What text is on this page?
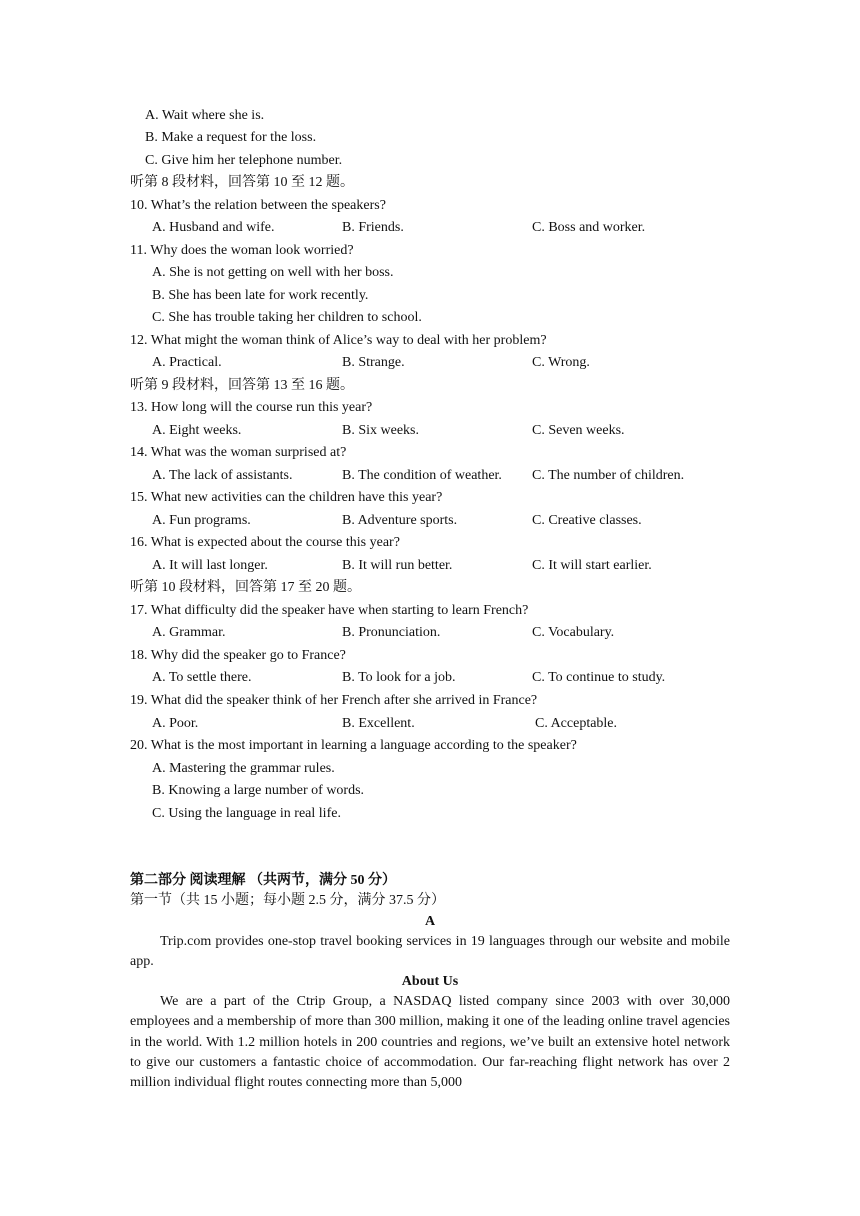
A. Wait where she is.
B. Make a request for the loss.
C. Give him her telephone number.
听第 8 段材料，回答第 10 至 12 题。
10. What’s the relation between the speakers?
A. Husband and wife.	B. Friends.	C. Boss and worker.
11. Why does the woman look worried?
A. She is not getting on well with her boss.
B. She has been late for work recently.
C. She has trouble taking her children to school.
12. What might the woman think of Alice’s way to deal with her problem?
A. Practical.	B. Strange.	C. Wrong.
听第 9 段材料，回答第 13 至 16 题。
13. How long will the course run this year?
A. Eight weeks.	B. Six weeks.	C. Seven weeks.
14. What was the woman surprised at?
A. The lack of assistants.	B. The condition of weather. C. The number of children.
15. What new activities can the children have this year?
A. Fun programs.	B. Adventure sports.	C. Creative classes.
16. What is expected about the course this year?
A. It will last longer.	B. It will run better.	C. It will start earlier.
听第 10 段材料，回答第 17 至 20 题。
17. What difficulty did the speaker have when starting to learn French?
A. Grammar.	B. Pronunciation.	C. Vocabulary.
18. Why did the speaker go to France?
A. To settle there.	B. To look for a job.	C. To continue to study.
19. What did the speaker think of her French after she arrived in France?
A. Poor.	B. Excellent.	C. Acceptable.
20. What is the most important in learning a language according to the speaker?
A. Mastering the grammar rules.
B. Knowing a large number of words.
C. Using the language in real life.
第二部分 阅读理解 （共两节，满分 50 分）
第一节（共 15 小题；每小题 2.5 分，满分 37.5 分）
A
Trip.com provides one-stop travel booking services in 19 languages through our website and mobile app.
About Us
We are a part of the Ctrip Group, a NASDAQ listed company since 2003 with over 30,000 employees and a membership of more than 300 million, making it one of the leading online travel agencies in the world. With 1.2 million hotels in 200 countries and regions, we’ve built an extensive hotel network to give our customers a fantastic choice of accommodation. Our far-reaching flight network has over 2 million individual flight routes connecting more than 5,000
